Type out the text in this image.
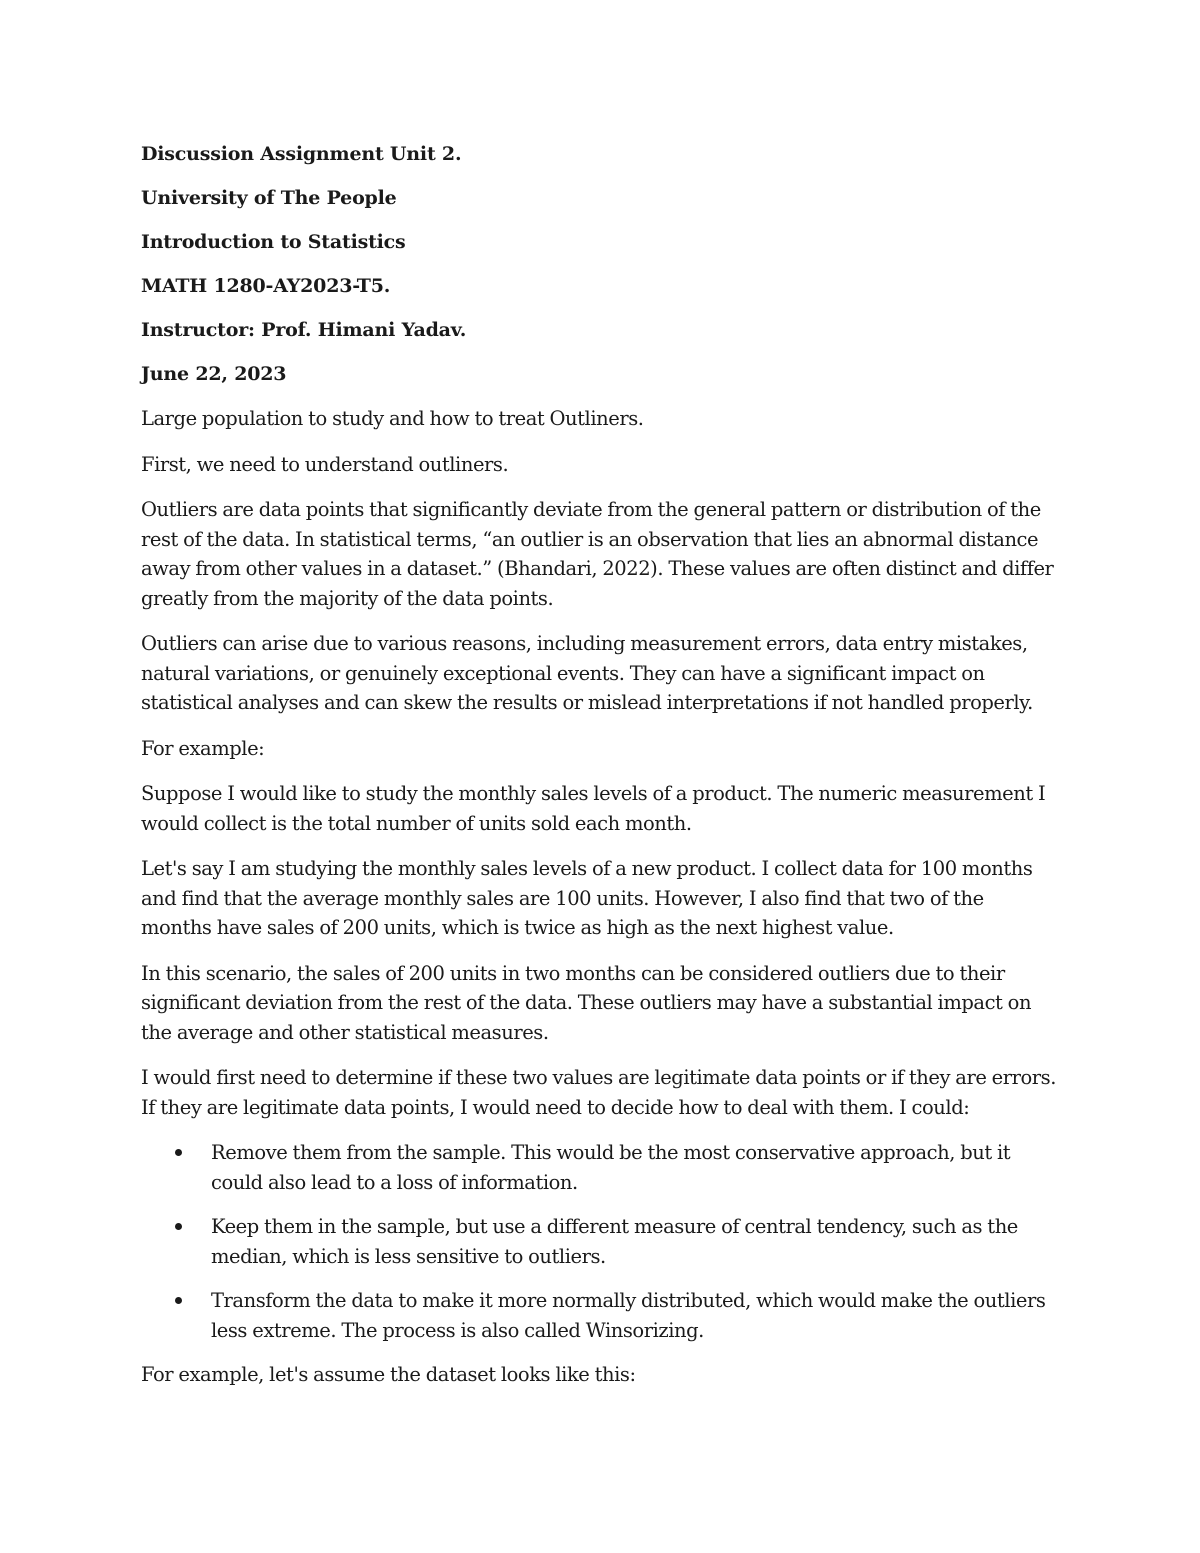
Discussion Assignment Unit 2.
University of The People
Introduction to Statistics
MATH 1280-AY2023-T5.
Instructor: Prof. Himani Yadav.
June 22, 2023

Large population to study and how to treat Outliners.

First, we need to understand outliners.

Outliers are data points that significantly deviate from the general pattern or distribution of the
rest of the data. In statistical terms, “an outlier is an observation that lies an abnormal distance
away from other values in a dataset.” (Bhandari, 2022). These values are often distinct and differ
greatly from the majority of the data points.

Outliers can arise due to various reasons, including measurement errors, data entry mistakes,
natural variations, or genuinely exceptional events. They can have a significant impact on
statistical analyses and can skew the results or mislead interpretations if not handled properly.

For example:

Suppose I would like to study the monthly sales levels of a product. The numeric measurement I
would collect is the total number of units sold each month.

Let's say I am studying the monthly sales levels of a new product. I collect data for 100 months
and find that the average monthly sales are 100 units. However, I also find that two of the
months have sales of 200 units, which is twice as high as the next highest value.

In this scenario, the sales of 200 units in two months can be considered outliers due to their
significant deviation from the rest of the data. These outliers may have a substantial impact on
the average and other statistical measures.

I would first need to determine if these two values are legitimate data points or if they are errors.
If they are legitimate data points, I would need to decide how to deal with them. I could:

Remove them from the sample. This would be the most conservative approach, but it
could also lead to a loss of information.
Keep them in the sample, but use a different measure of central tendency, such as the
median, which is less sensitive to outliers.
Transform the data to make it more normally distributed, which would make the outliers
less extreme. The process is also called Winsorizing.

For example, let's assume the dataset looks like this:
